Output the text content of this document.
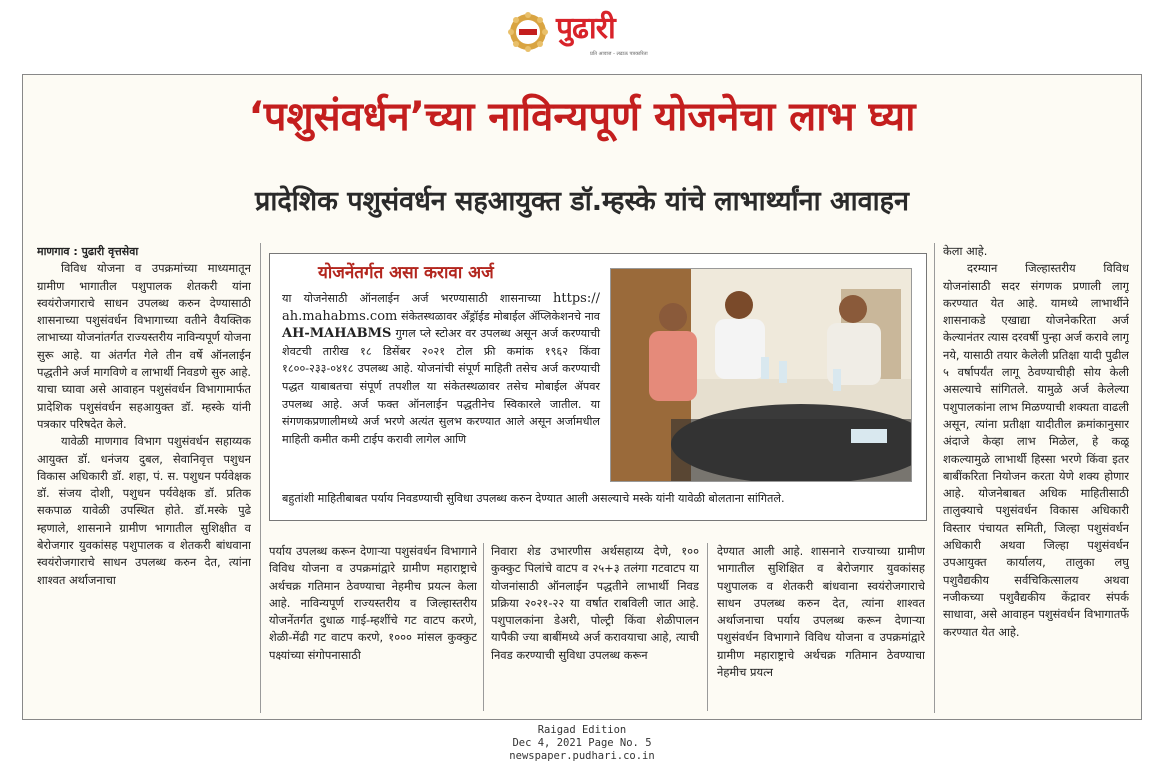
पुढारी
प्रति आवाज - लढाऊ पत्रकारिता
‘पशुसंवर्धन’च्या नाविन्यपूर्ण योजनेचा लाभ घ्या
प्रादेशिक पशुसंवर्धन सहआयुक्त डॉ.म्हस्के यांचे लाभार्थ्यांना आवाहन

माणगाव : पुढारी वृत्तसेवा

विविध योजना व उपक्रमांच्या माध्यमातून ग्रामीण भागातील पशुपालक शेतकरी यांना स्वयंरोजगाराचे साधन उपलब्ध करुन देण्यासाठी शासनाच्या पशुसंवर्धन विभागाच्या वतीने वैयक्तिक लाभाच्या योजनांतर्गत राज्यस्तरीय नाविन्यपूर्ण योजना सुरू आहे. या अंतर्गत गेले तीन वर्षे ऑनलाईन पद्धतीने अर्ज मागविणे व लाभार्थी निवडणे सुरु आहे. याचा घ्यावा असे आवाहन पशुसंवर्धन विभागामार्फत प्रादेशिक पशुसंवर्धन सहआयुक्त डॉ. म्हस्के यांनी पत्रकार परिषदेत केले.

यावेळी माणगाव विभाग पशुसंवर्धन सहाय्यक आयुक्त डॉ. धनंजय दुबल, सेवानिवृत्त पशुधन विकास अधिकारी डॉ. शहा, पं. स. पशुधन पर्यवेक्षक डॉ. संजय दोशी, पशुधन पर्यवेक्षक डॉ. प्रतिक सकपाळ यावेळी उपस्थित होते. डॉ.मस्के पुढे म्हणाले, शासनाने ग्रामीण भागातील सुशिक्षीत व बेरोजगार युवकांसह पशुपालक व शेतकरी बांधवाना स्वयंरोजगाराचे साधन उपलब्ध करुन देत, त्यांना शाश्वत अर्थाजनाचा

योजनेंतर्गत असा करावा अर्ज
या योजनेसाठी ऑनलाईन अर्ज भरण्यासाठी शासनाच्या https:// ah.mahabms.com संकेतस्थळावर अँड्रॉईड मोबाईल ॲप्लिकेशनचे नाव AH-MAHABMS गुगल प्ले स्टोअर वर उपलब्ध असून अर्ज करण्याची शेवटची तारीख १८ डिसेंबर २०२१ टोल फ्री कमांक १९६२ किंवा १८००-२३३-०४१८ उपलब्ध आहे. योजनांची संपूर्ण माहिती तसेच अर्ज करण्याची पद्धत याबाबतचा संपूर्ण तपशील या संकेतस्थळावर तसेच मोबाईल ॲपवर उपलब्ध आहे. अर्ज फक्त ऑनलाईन पद्धतीनेच स्विकारले जातील. या संगणकप्रणालीमध्ये अर्ज भरणे अत्यंत सुलभ करण्यात आले असून अर्जामधील माहिती कमीत कमी टाईप करावी लागेल आणि
बहुतांशी माहितीबाबत पर्याय निवडण्याची सुविधा उपलब्ध करुन देण्यात आली असल्याचे मस्के यांनी यावेळी बोलताना सांगितले.

पर्याय उपलब्ध करून देणाऱ्या पशुसंवर्धन विभागाने विविध योजना व उपक्रमांद्वारे ग्रामीण महाराष्ट्राचे अर्थचक्र गतिमान ठेवण्याचा नेहमीच प्रयत्न केला आहे. नाविन्यपूर्ण राज्यस्तरीय व जिल्हास्तरीय योजनेंतर्गत दुधाळ गाई-म्हशींचे गट वाटप करणे, शेळी-मेंढी गट वाटप करणे, १००० मांसल कुक्कुट पक्ष्यांच्या संगोपनासाठी

निवारा शेड उभारणीस अर्थसहाय्य देणे, १०० कुक्कुट पिलांचे वाटप व २५+३ तलंगा गटवाटप या योजनांसाठी ऑनलाईन पद्धतीने लाभार्थी निवड प्रक्रिया २०२१-२२ या वर्षात राबविली जात आहे. पशुपालकांना डेअरी, पोल्ट्री किंवा शेळीपालन यापैकी ज्या बाबींमध्ये अर्ज करावयाचा आहे, त्याची निवड करण्याची सुविधा उपलब्ध करून

देण्यात आली आहे. शासनाने राज्याच्या ग्रामीण भागातील सुशिक्षित व बेरोजगार युवकांसह पशुपालक व शेतकरी बांधवाना स्वयंरोजगाराचे साधन उपलब्ध करुन देत, त्यांना शाश्वत अर्थाजनाचा पर्याय उपलब्ध करून देणाऱ्या पशुसंवर्धन विभागाने विविध योजना व उपक्रमांद्वारे ग्रामीण महाराष्ट्राचे अर्थचक्र गतिमान ठेवण्याचा नेहमीच प्रयत्न

केला आहे.

दरम्यान जिल्हास्तरीय विविध योजनांसाठी सदर संगणक प्रणाली लागू करण्यात येत आहे. यामध्ये लाभार्थीने शासनाकडे एखाद्या योजनेकरिता अर्ज केल्यानंतर त्यास दरवर्षी पुन्हा अर्ज करावे लागू नये, यासाठी तयार केलेली प्रतिक्षा यादी पुढील ५ वर्षापर्यंत लागू ठेवण्याचीही सोय केली असल्याचे सांगितले. यामुळे अर्ज केलेल्या पशुपालकांना लाभ मिळण्याची शक्यता वाढली असून, त्यांना प्रतीक्षा यादीतील क्रमांकानुसार अंदाजे केव्हा लाभ मिळेल, हे कळू शकल्यामुळे लाभार्थी हिस्सा भरणे किंवा इतर बाबींकरिता नियोजन करता येणे शक्य होणार आहे. योजनेबाबत अधिक माहितीसाठी तालुक्याचे पशुसंवर्धन विकास अधिकारी विस्तार पंचायत समिती, जिल्हा पशुसंवर्धन अधिकारी अथवा जिल्हा पशुसंवर्धन उपआयुक्त कार्यालय, तालुका लघु पशुवैद्यकीय सर्वचिकित्सालय अथवा नजीकच्या पशुवैद्यकीय केंद्रावर संपर्क साधावा, असे आवाहन पशुसंवर्धन विभागातर्फे करण्यात येत आहे.

Raigad Edition
Dec 4, 2021 Page No. 5
newspaper.pudhari.co.in
